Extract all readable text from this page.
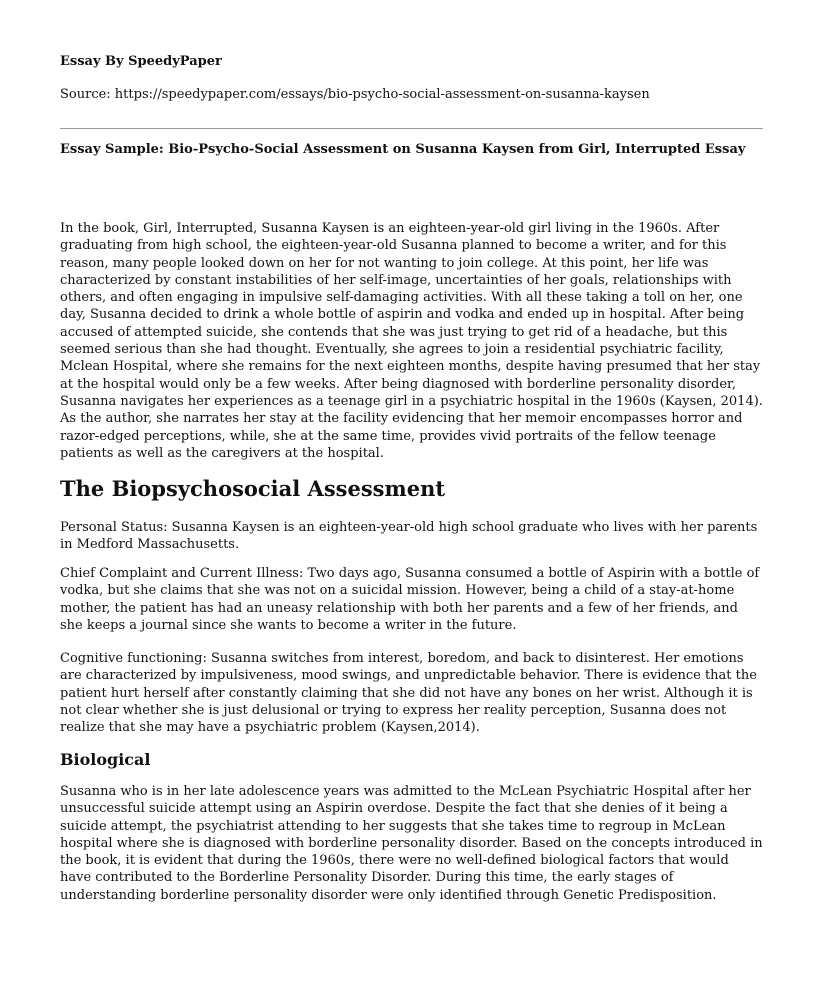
Essay By SpeedyPaper
Source: https://speedypaper.com/essays/bio-psycho-social-assessment-on-susanna-kaysen
Essay Sample: Bio-Psycho-Social Assessment on Susanna Kaysen from Girl, Interrupted Essay

In the book, Girl, Interrupted, Susanna Kaysen is an eighteen-year-old girl living in the 1960s. After graduating from high school, the eighteen-year-old Susanna planned to become a writer, and for this reason, many people looked down on her for not wanting to join college. At this point, her life was characterized by constant instabilities of her self-image, uncertainties of her goals, relationships with others, and often engaging in impulsive self-damaging activities. With all these taking a toll on her, one day, Susanna decided to drink a whole bottle of aspirin and vodka and ended up in hospital. After being accused of attempted suicide, she contends that she was just trying to get rid of a headache, but this seemed serious than she had thought. Eventually, she agrees to join a residential psychiatric facility, Mclean Hospital, where she remains for the next eighteen months, despite having presumed that her stay at the hospital would only be a few weeks. After being diagnosed with borderline personality disorder, Susanna navigates her experiences as a teenage girl in a psychiatric hospital in the 1960s (Kaysen, 2014). As the author, she narrates her stay at the facility evidencing that her memoir encompasses horror and razor-edged perceptions, while, she at the same time, provides vivid portraits of the fellow teenage patients as well as the caregivers at the hospital.

The Biopsychosocial Assessment

Personal Status: Susanna Kaysen is an eighteen-year-old high school graduate who lives with her parents in Medford Massachusetts.

Chief Complaint and Current Illness: Two days ago, Susanna consumed a bottle of Aspirin with a bottle of vodka, but she claims that she was not on a suicidal mission. However, being a child of a stay-at-home mother, the patient has had an uneasy relationship with both her parents and a few of her friends, and she keeps a journal since she wants to become a writer in the future.

Cognitive functioning: Susanna switches from interest, boredom, and back to disinterest. Her emotions are characterized by impulsiveness, mood swings, and unpredictable behavior. There is evidence that the patient hurt herself after constantly claiming that she did not have any bones on her wrist. Although it is not clear whether she is just delusional or trying to express her reality perception, Susanna does not realize that she may have a psychiatric problem (Kaysen,2014).

Biological

Susanna who is in her late adolescence years was admitted to the McLean Psychiatric Hospital after her unsuccessful suicide attempt using an Aspirin overdose. Despite the fact that she denies of it being a suicide attempt, the psychiatrist attending to her suggests that she takes time to regroup in McLean hospital where she is diagnosed with borderline personality disorder. Based on the concepts introduced in the book, it is evident that during the 1960s, there were no well-defined biological factors that would have contributed to the Borderline Personality Disorder. During this time, the early stages of understanding borderline personality disorder were only identified through Genetic Predisposition.
